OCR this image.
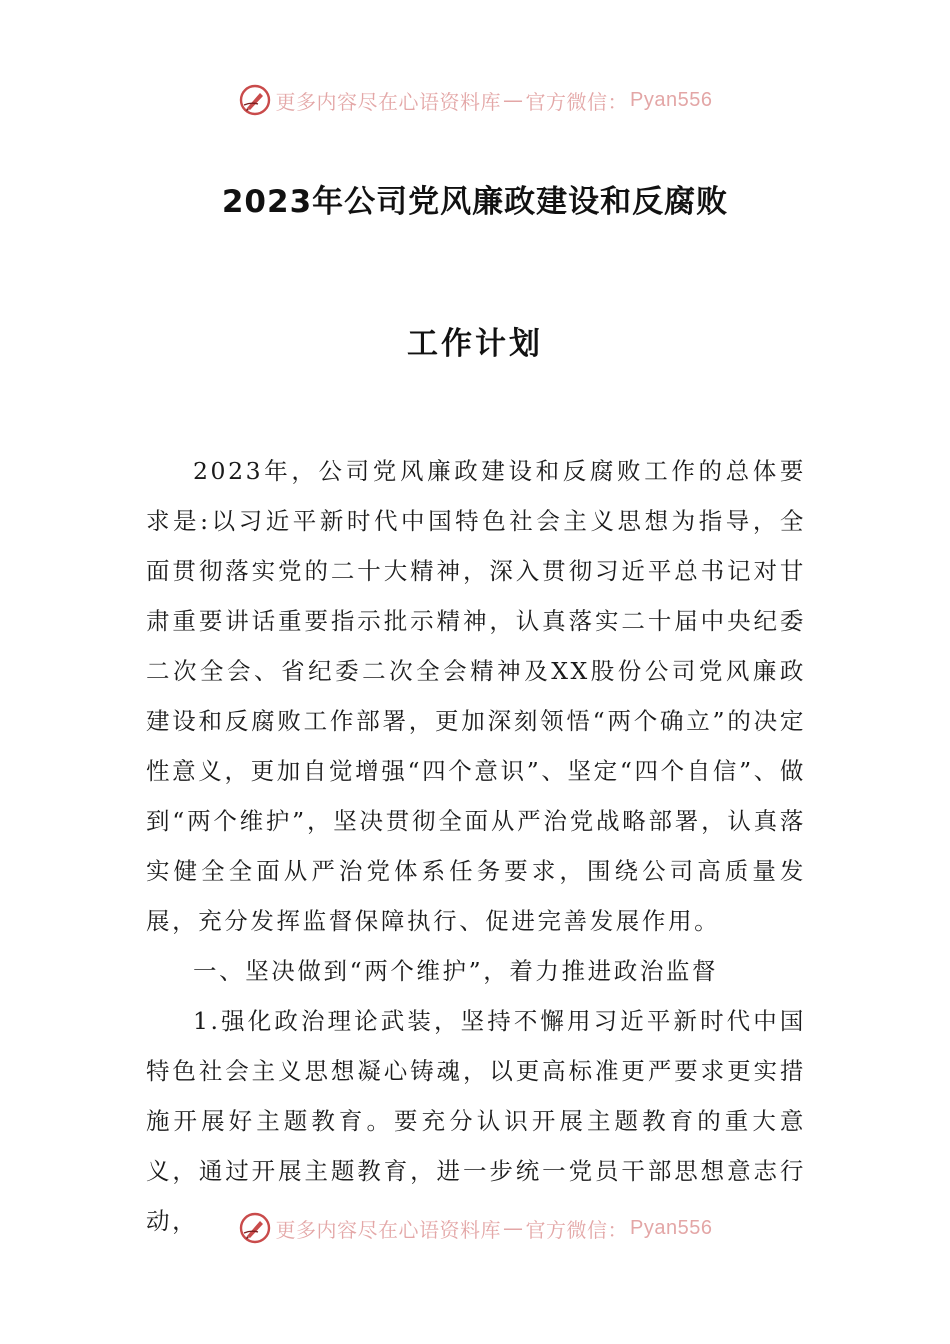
更多内容尽在心语资料库 — 官方微信： Pyan556
2023年公司党风廉政建设和反腐败
工作计划

2023年，公司党风廉政建设和反腐败工作的总体要求是:以习近平新时代中国特色社会主义思想为指导，全面贯彻落实党的二十大精神，深入贯彻习近平总书记对甘肃重要讲话重要指示批示精神，认真落实二十届中央纪委二次全会、省纪委二次全会精神及XX股份公司党风廉政建设和反腐败工作部署，更加深刻领悟“两个确立”的决定性意义，更加自觉增强“四个意识”、坚定“四个自信”、做到“两个维护”，坚决贯彻全面从严治党战略部署，认真落实健全全面从严治党体系任务要求，围绕公司高质量发展，充分发挥监督保障执行、促进完善发展作用。

一、坚决做到“两个维护”，着力推进政治监督

1.强化政治理论武装，坚持不懈用习近平新时代中国特色社会主义思想凝心铸魂，以更高标准更严要求更实措施开展好主题教育。要充分认识开展主题教育的重大意义，通过开展主题教育，进一步统一党员干部思想意志行动，	更多内容尽在心语资料库 — 官方微信： Pyan556
